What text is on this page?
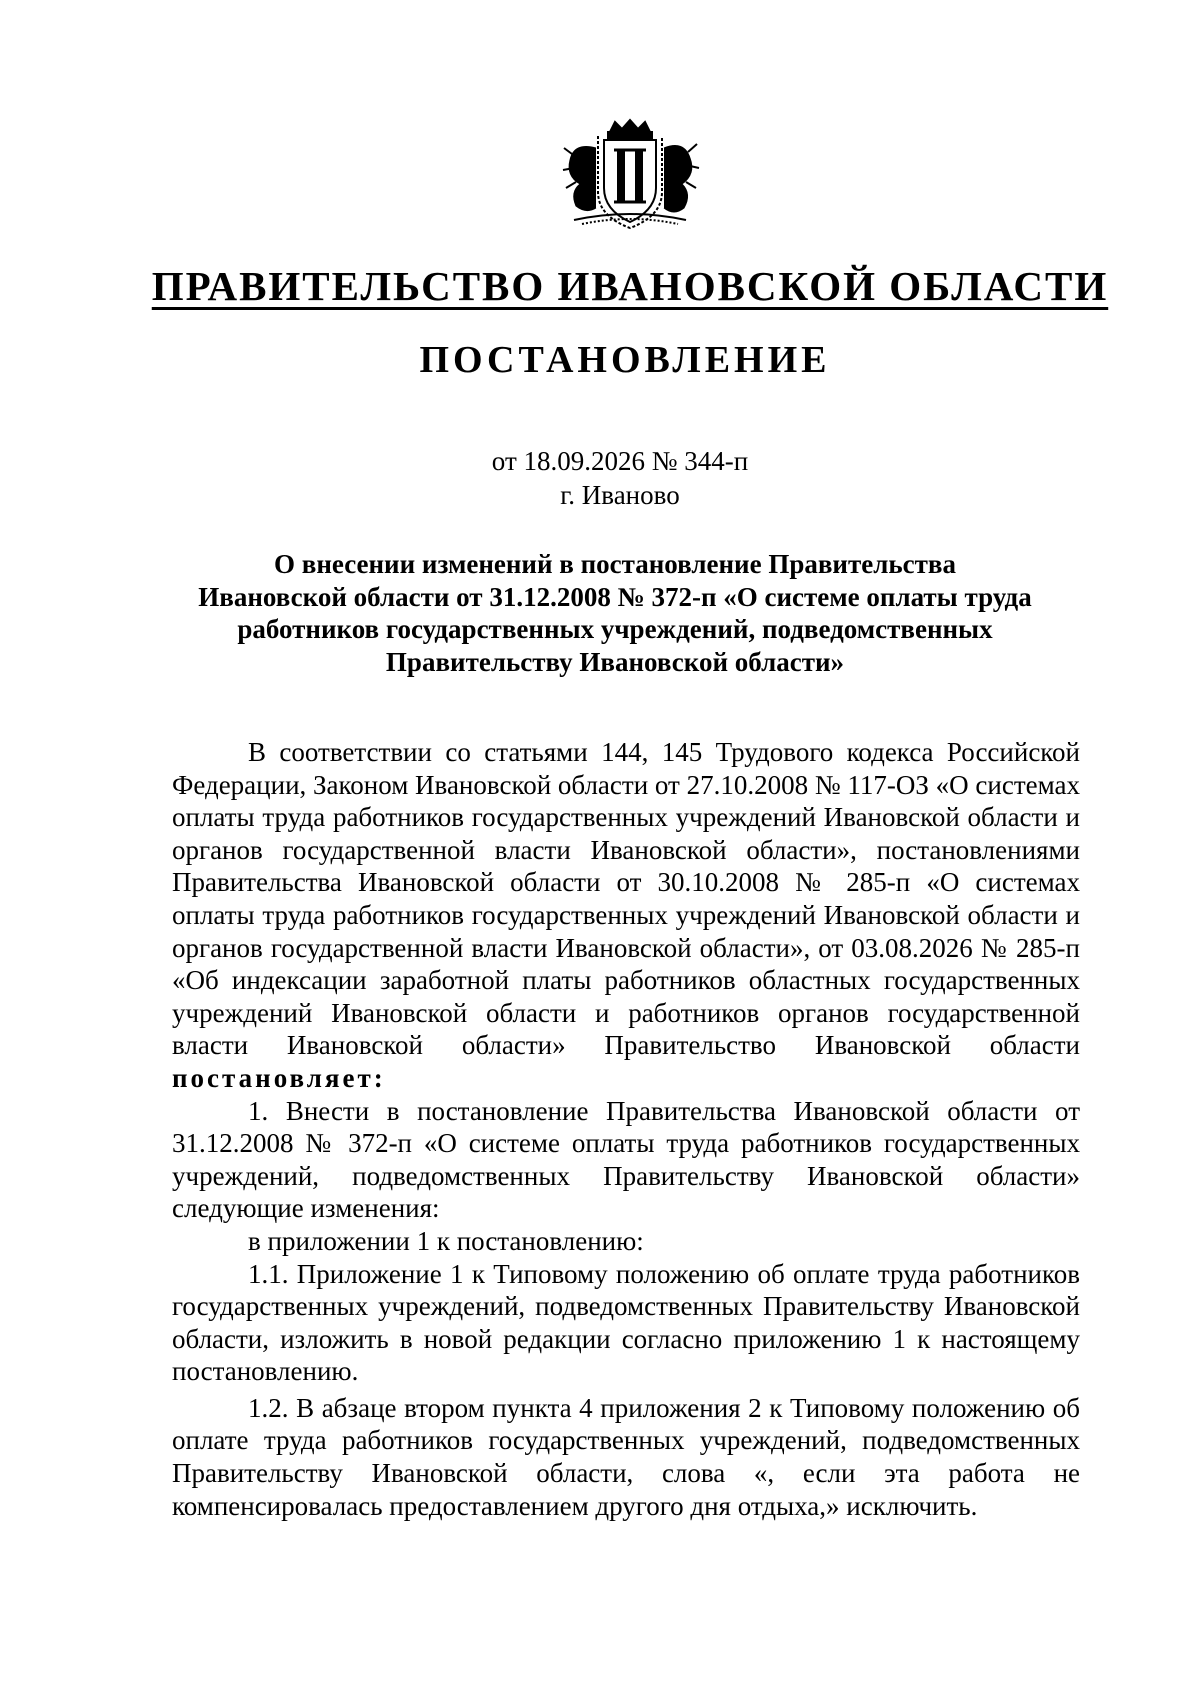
ПРАВИТЕЛЬСТВО ИВАНОВСКОЙ ОБЛАСТИ
ПОСТАНОВЛЕНИЕ
от 18.09.2026 № 344-п
г. Иваново
О внесении изменений в постановление Правительства
Ивановской области от 31.12.2008 № 372-п «О системе оплаты труда
работников государственных учреждений, подведомственных
Правительству Ивановской области»

В соответствии со статьями 144, 145 Трудового кодекса Российской Федерации, Законом Ивановской области от 27.10.2008 № 117-ОЗ «О системах оплаты труда работников государственных учреждений Ивановской области и органов государственной власти Ивановской области», постановлениями Правительства Ивановской области от 30.10.2008 № 285-п «О системах оплаты труда работников государственных учреждений Ивановской области и органов государственной власти Ивановской области», от 03.08.2026 № 285-п «Об индексации заработной платы работников областных государственных учреждений Ивановской области и работников органов государственной власти Ивановской области» Правительство Ивановской области постановляет:

1. Внести в постановление Правительства Ивановской области от 31.12.2008 № 372-п «О системе оплаты труда работников государственных учреждений, подведомственных Правительству Ивановской области» следующие изменения:

в приложении 1 к постановлению:

1.1. Приложение 1 к Типовому положению об оплате труда работников государственных учреждений, подведомственных Правительству Ивановской области, изложить в новой редакции согласно приложению 1 к настоящему постановлению.

1.2. В абзаце втором пункта 4 приложения 2 к Типовому положению об оплате труда работников государственных учреждений, подведомственных Правительству Ивановской области, слова «, если эта работа не компенсировалась предоставлением другого дня отдыха,» исключить.
